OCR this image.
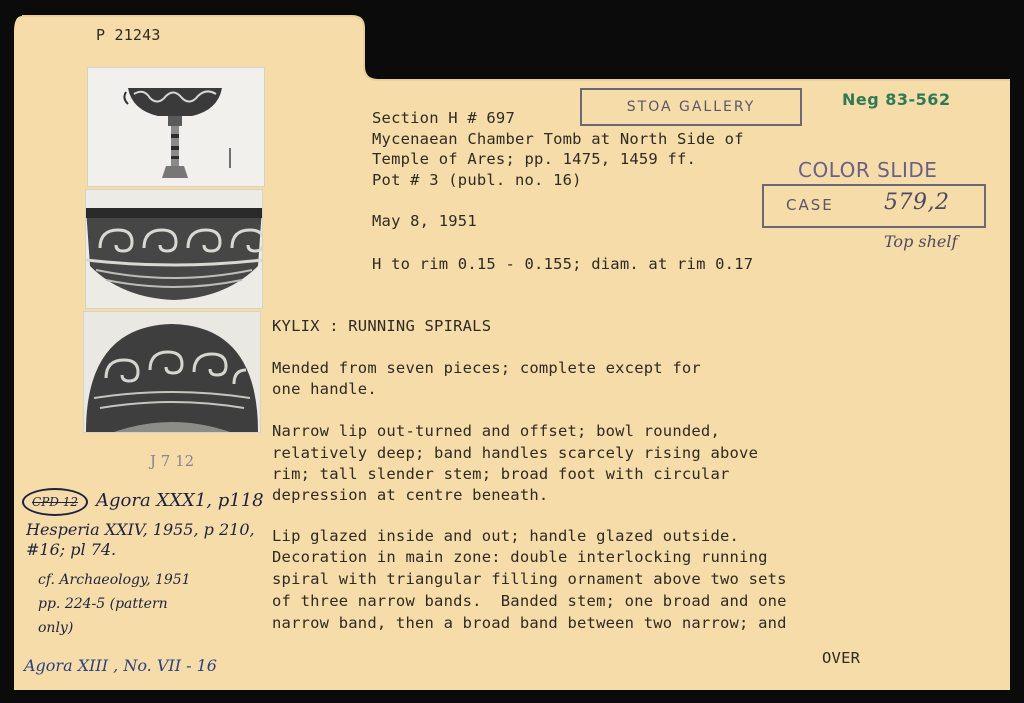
P 21243
Section H # 697
Mycenaean Chamber Tomb at North Side of
Temple of Ares; pp. 1475, 1459 ff.
Pot # 3 (publ. no. 16)
May 8, 1951
H to rim 0.15 - 0.155; diam. at rim 0.17
KYLIX : RUNNING SPIRALS
Mended from seven pieces; complete except for
one handle.
Narrow lip out-turned and offset; bowl rounded,
relatively deep; band handles scarcely rising above
rim; tall slender stem; broad foot with circular
depression at centre beneath.
Lip glazed inside and out; handle glazed outside.
Decoration in main zone: double interlocking running
spiral with triangular filling ornament above two sets
of three narrow bands.  Banded stem; one broad and one
narrow band, then a broad band between two narrow; and
OVER
STOA GALLERY	Neg 83-562
COLOR SLIDE
CASE 579,2
Top shelf
J 7 12
CPD 12	Agora XXX1, p118
Hesperia XXIV, 1955, p 210,
#16; pl 74.
cf. Archaeology, 1951
pp. 224-5 (pattern
only)
Agora XIII , No. VII - 16
